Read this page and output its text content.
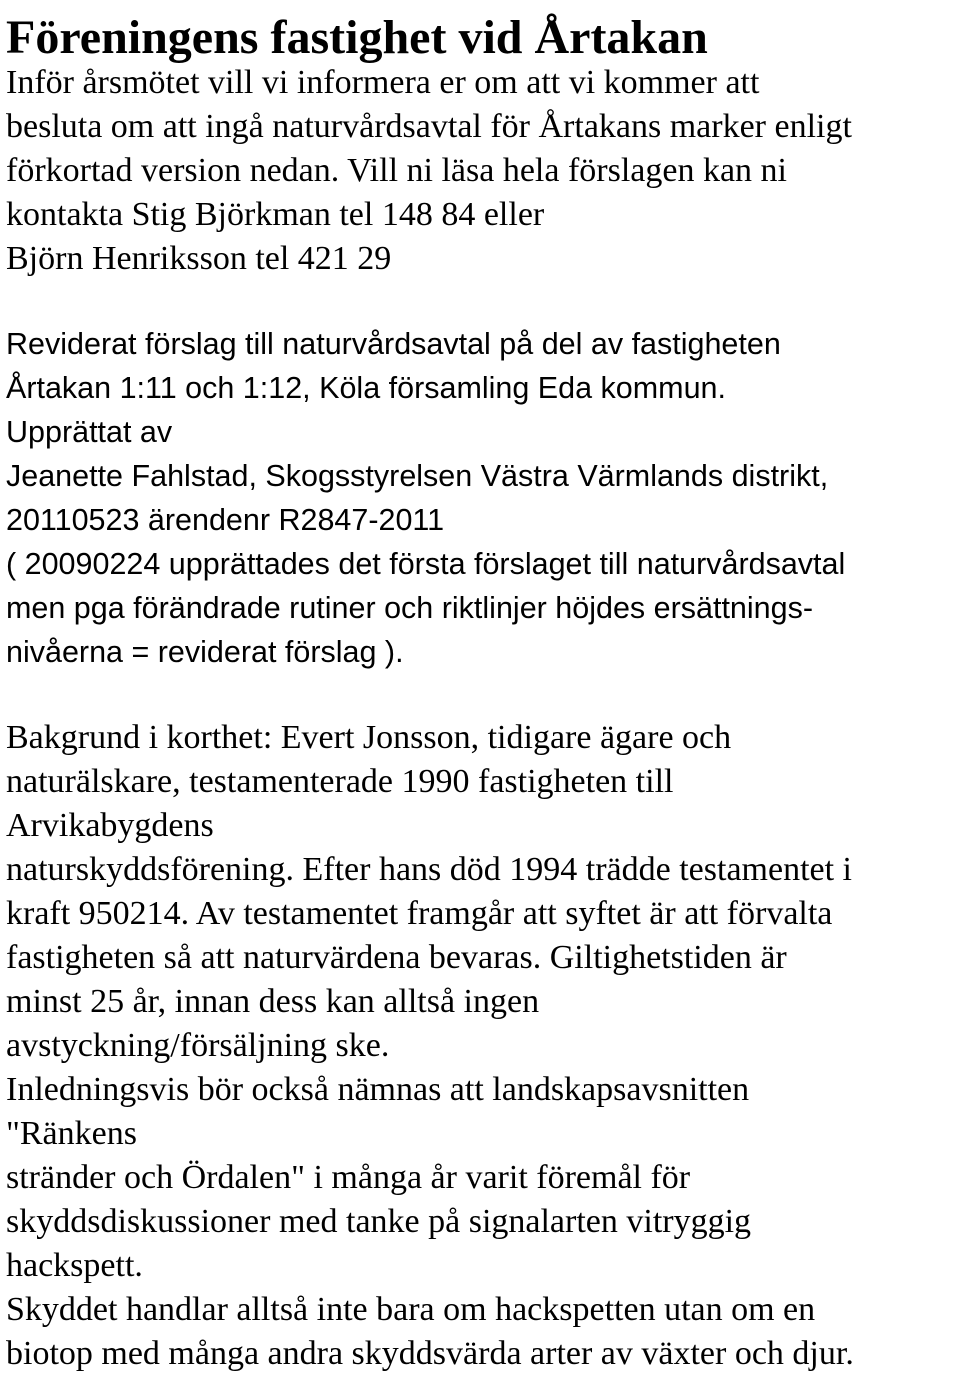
Föreningens fastighet vid Årtakan
Inför årsmötet vill vi informera er om att vi kommer att
besluta om att ingå naturvårdsavtal för Årtakans marker enligt
förkortad version nedan. Vill ni läsa hela förslagen kan ni
kontakta Stig Björkman tel 148 84 eller
Björn Henriksson tel 421 29
Reviderat förslag till naturvårdsavtal på del av fastigheten
Årtakan 1:11 och 1:12, Köla församling Eda kommun.
Upprättat av
Jeanette Fahlstad, Skogsstyrelsen Västra Värmlands distrikt,
20110523 ärendenr R2847-2011
( 20090224 upprättades det första förslaget till naturvårdsavtal
men pga förändrade rutiner och riktlinjer höjdes ersättnings-
nivåerna = reviderat förslag ).
Bakgrund i korthet: Evert Jonsson, tidigare ägare och
naturälskare, testamenterade 1990 fastigheten till
Arvikabygdens
naturskyddsförening. Efter hans död 1994 trädde testamentet i
kraft 950214. Av testamentet framgår att syftet är att förvalta
fastigheten så att naturvärdena bevaras. Giltighetstiden är
minst 25 år, innan dess kan alltså ingen
avstyckning/försäljning ske.
Inledningsvis bör också nämnas att landskapsavsnitten
"Ränkens
stränder och Ördalen" i många år varit föremål för
skyddsdiskussioner med tanke på signalarten vitryggig
hackspett.
Skyddet handlar alltså inte bara om hackspetten utan om en
biotop med många andra skyddsvärda arter av växter och djur.
